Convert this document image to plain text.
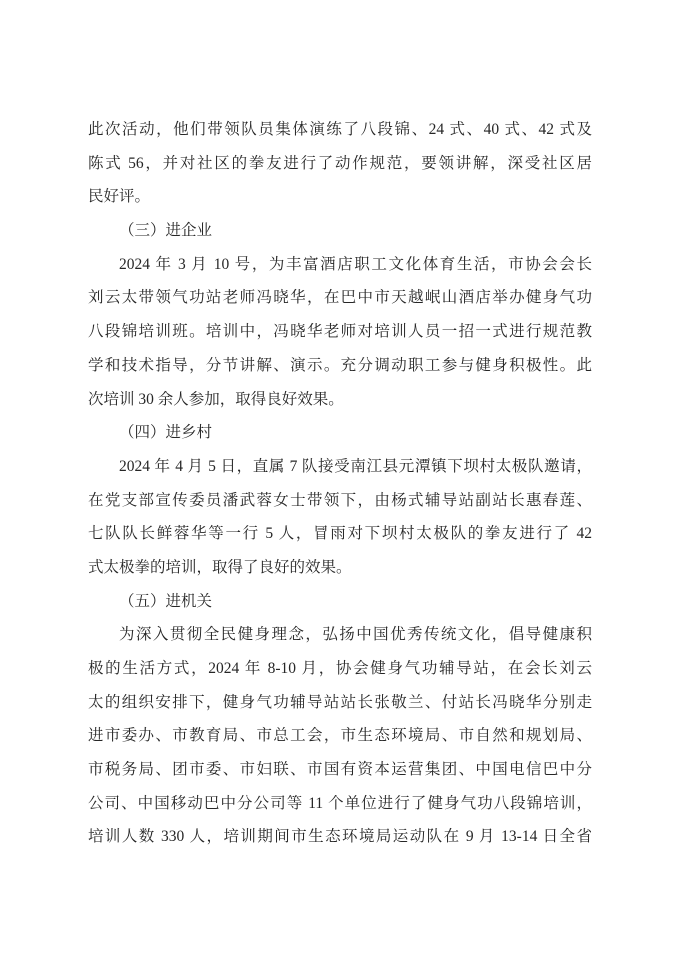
此次活动，他们带领队员集体演练了八段锦、24 式、40 式、42 式及
陈式 56，并对社区的拳友进行了动作规范，要领讲解，深受社区居
民好评。
（三）进企业
2024 年 3 月 10 号，为丰富酒店职工文化体育生活，市协会会长
刘云太带领气功站老师冯晓华，在巴中市天越岷山酒店举办健身气功
八段锦培训班。培训中，冯晓华老师对培训人员一招一式进行规范教
学和技术指导，分节讲解、演示。充分调动职工参与健身积极性。此
次培训 30 余人参加，取得良好效果。
（四）进乡村
2024 年 4 月 5 日，直属 7 队接受南江县元潭镇下坝村太极队邀请，
在党支部宣传委员潘武蓉女士带领下，由杨式辅导站副站长惠春莲、
七队队长鲜蓉华等一行 5 人，冒雨对下坝村太极队的拳友进行了 42
式太极拳的培训，取得了良好的效果。
（五）进机关
为深入贯彻全民健身理念，弘扬中国优秀传统文化，倡导健康积
极的生活方式，2024 年 8-10 月，协会健身气功辅导站，在会长刘云
太的组织安排下，健身气功辅导站站长张敬兰、付站长冯晓华分别走
进市委办、市教育局、市总工会，市生态环境局、市自然和规划局、
市税务局、团市委、市妇联、市国有资本运营集团、中国电信巴中分
公司、中国移动巴中分公司等 11 个单位进行了健身气功八段锦培训，
培训人数 330 人，培训期间市生态环境局运动队在 9 月 13-14 日全省
